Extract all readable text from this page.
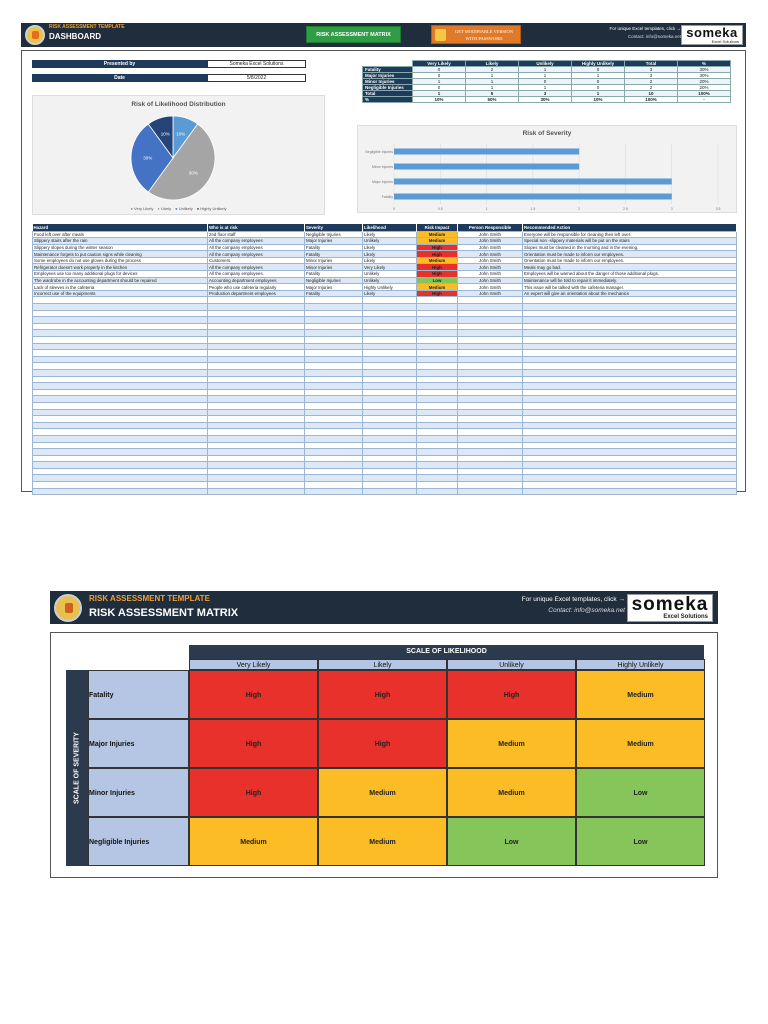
RISK ASSESSMENT TEMPLATE
DASHBOARD	RISK ASSESSMENT MATRIX
GET MODIFIABLE VERSION WITH PASSWORD
For unique Excel templates, click →
Contact: info@someka.net someka
Excel Solutions
Presented by	Someka Excel Solutions
Date	5/8/2022
	Very Likely	Likely	Unlikely	Highly Unlikely	Total	%
Fatality	0	2	1	0	3	30%
Major Injuries	0	1	1	1	3	30%
Minor Injuries	1	1	0	0	2	20%
Negligible Injuries	0	1	1	0	2	20%
Total	1	5	3	1	10	100%
%	10%	50%	30%	10%	100%	-
Risk of Likelihood Distribution
10%
50%
30%
10%
● Very Likely ● Likely ● Unlikely ● Highly Unlikely
Risk of Severity
0	0.5	1	1.5	2	2.5	3	3.5
Negligible Injuries
Minor Injuries
Major Injuries
Fatality
Hazard	Who is at risk	Severity	Likelihood	Risk Impact	Person Responsible	Recommended Action
Food left over after meals	2nd floor staff	Negligible Injuries	Likely	Medium	John Smith	Everyone will be responsible for cleaning their left over.
Slippery stairs after the rain	All the company employees	Major Injuries	Unlikely	Medium	John Smith	Special non -slippery materials will be put on the stairs
Slippery slopes during the winter season	All the company employees	Fatality	Likely	High	John Smith	Slopes must be cleaned in the morning and in the evening.
Maintenance forgets to put caution signs while cleaning	All the company employees	Fatality	Likely	High	John Smith	Orientation must be made to inform our employees.
Some employees do not use gloves during the process	Customers.	Minor Injuries	Likely	Medium	John Smith	Orientation must be made to inform our employees.
Refrigerator doesn't work properly in the kitchen	All the company employees	Minor Injuries	Very Likely	High	John Smith	Meals may go bad.
Employees use too many additional plugs for devices	All the company employees.	Fatality	Unlikely	High	John Smith	Employees will be warned about the danger of those additional plugs.
The wardrobe in the accounting department should be repaired	Accounting department employees	Negligible Injuries	Unlikely	Low	John Smith	Maintenance will be told to repair it immediately.
Lack of sleeves in the cafeteria	People who use cafeteria regularly	Major Injuries	Highly Unlikely	Medium	John Smith	This issue will be talked with the cafeteria manager.
Incorrect use of the equipments	Production department employees	Fatality	Likely	High	John Smith	An expert will give an orientation about the mechanics

RISK ASSESSMENT TEMPLATE
RISK ASSESSMENT MATRIX
For unique Excel templates, click →
Contact: info@someka.net someka
Excel Solutions
SCALE OF LIKELIHOOD
SCALE OF SEVERITY
Very Likely	Likely	Unlikely	Highly Unlikely
Fatality	High	High	High	Medium
Major Injuries	High	High	Medium	Medium
Minor Injuries	High	Medium	Medium	Low
Negligible Injuries	Medium	Medium	Low	Low
